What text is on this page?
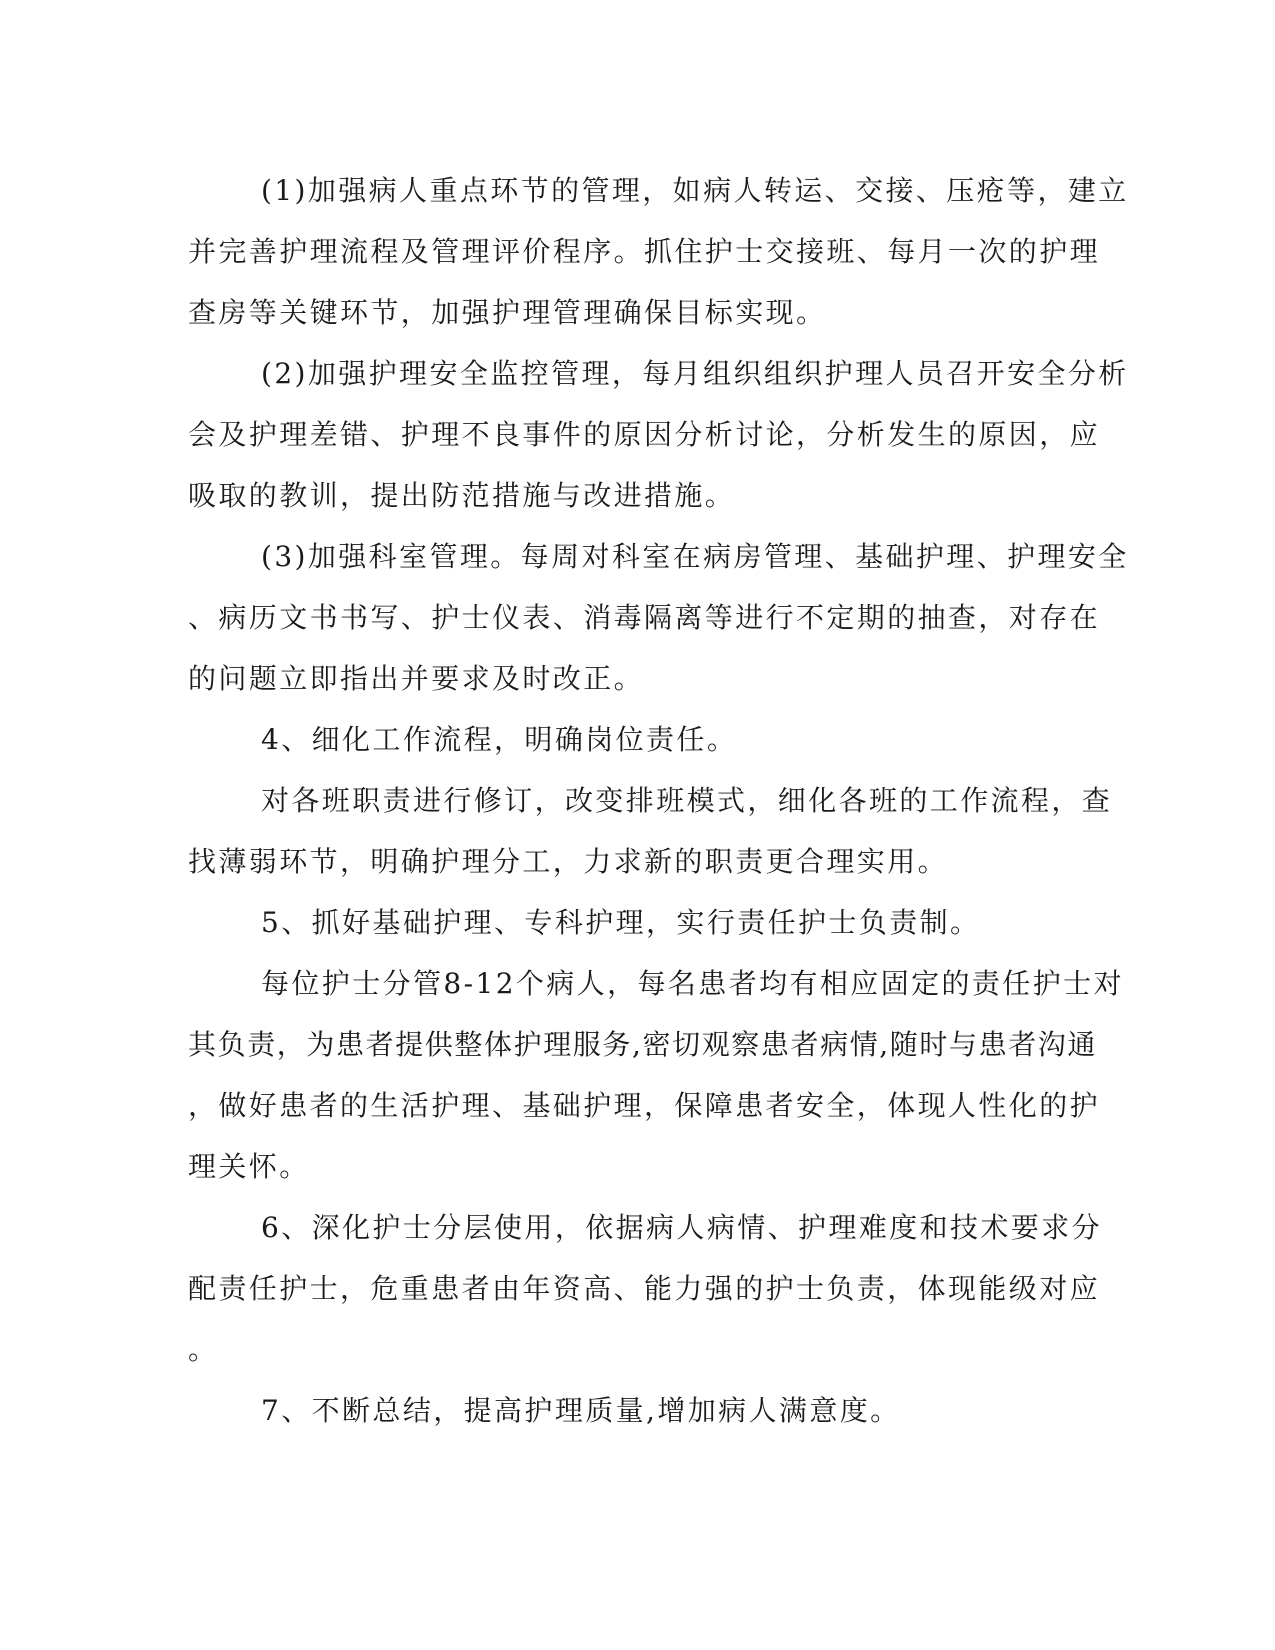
(1)加强病人重点环节的管理，如病人转运、交接、压疮等，建立
并完善护理流程及管理评价程序。抓住护士交接班、每月一次的护理
查房等关键环节，加强护理管理确保目标实现。
(2)加强护理安全监控管理，每月组织组织护理人员召开安全分析
会及护理差错、护理不良事件的原因分析讨论，分析发生的原因，应
吸取的教训，提出防范措施与改进措施。
(3)加强科室管理。每周对科室在病房管理、基础护理、护理安全
、病历文书书写、护士仪表、消毒隔离等进行不定期的抽查，对存在
的问题立即指出并要求及时改正。
4、细化工作流程，明确岗位责任。
对各班职责进行修订，改变排班模式，细化各班的工作流程，查
找薄弱环节，明确护理分工，力求新的职责更合理实用。
5、抓好基础护理、专科护理，实行责任护士负责制。
每位护士分管8-12个病人，每名患者均有相应固定的责任护士对
其负责，为患者提供整体护理服务,密切观察患者病情,随时与患者沟通
，做好患者的生活护理、基础护理，保障患者安全，体现人性化的护
理关怀。
6、深化护士分层使用，依据病人病情、护理难度和技术要求分
配责任护士，危重患者由年资高、能力强的护士负责，体现能级对应
。
7、不断总结，提高护理质量,增加病人满意度。
